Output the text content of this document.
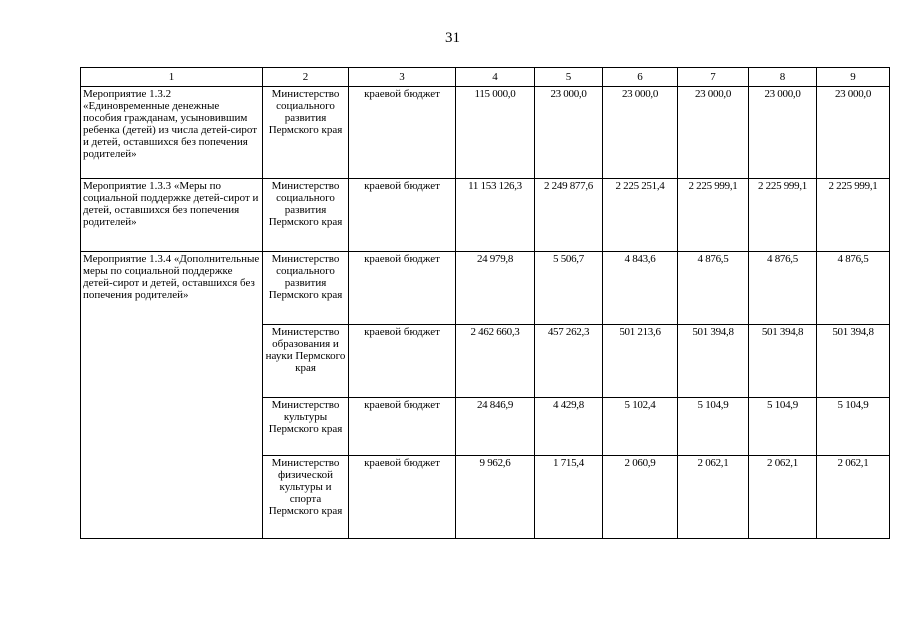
31
1	2	3	4	5	6	7	8	9
Мероприятие 1.3.2 «Единовременные денежные пособия гражданам, усыновившим ребенка (детей) из числа детей-сирот и детей, оставшихся без попечения родителей»	Министерство социального развития Пермского края	краевой бюджет	115 000,0	23 000,0	23 000,0	23 000,0	23 000,0	23 000,0
Мероприятие 1.3.3 «Меры по социальной поддержке детей-сирот и детей, оставшихся без попечения родителей»	Министерство социального развития Пермского края	краевой бюджет	11 153 126,3	2 249 877,6	2 225 251,4	2 225 999,1	2 225 999,1	2 225 999,1
Мероприятие 1.3.4 «Дополнительные меры по социальной поддержке детей-сирот и детей, оставшихся без попечения родителей»	Министерство социального развития Пермского края	краевой бюджет	24 979,8	5 506,7	4 843,6	4 876,5	4 876,5	4 876,5
	Министерство образования и науки Пермского края	краевой бюджет	2 462 660,3	457 262,3	501 213,6	501 394,8	501 394,8	501 394,8
	Министерство культуры Пермского края	краевой бюджет	24 846,9	4 429,8	5 102,4	5 104,9	5 104,9	5 104,9
	Министерство физической культуры и спорта Пермского края	краевой бюджет	9 962,6	1 715,4	2 060,9	2 062,1	2 062,1	2 062,1
